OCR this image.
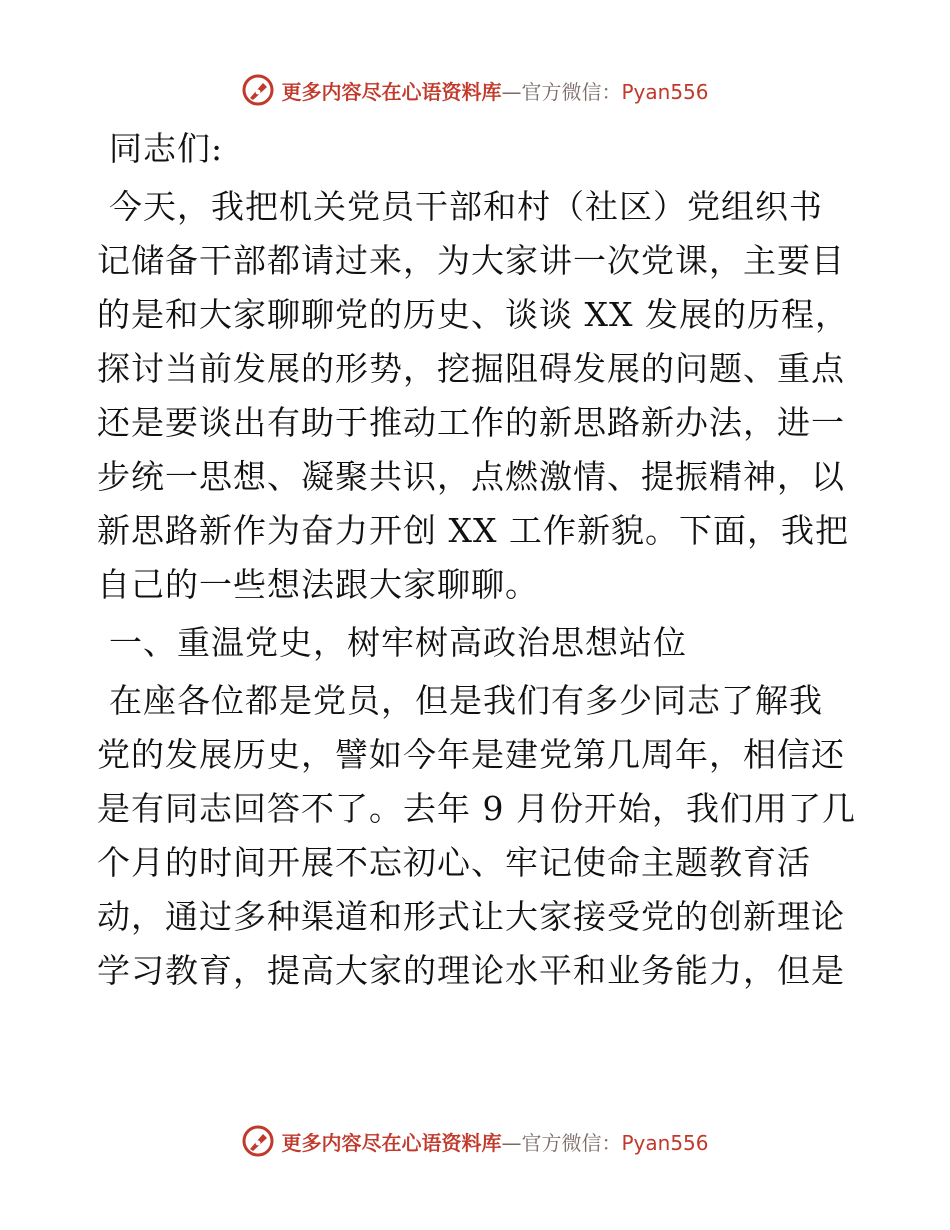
更多内容尽在心语资料库—官方微信：Pyan556
同志们:
今天，我把机关党员干部和村（社区）党组织书
记储备干部都请过来，为大家讲一次党课，主要目
的是和大家聊聊党的历史、谈谈 XX 发展的历程，
探讨当前发展的形势，挖掘阻碍发展的问题、重点
还是要谈出有助于推动工作的新思路新办法，进一
步统一思想、凝聚共识，点燃激情、提振精神，以
新思路新作为奋力开创 XX 工作新貌。下面，我把
自己的一些想法跟大家聊聊。
一、重温党史，树牢树高政治思想站位
在座各位都是党员，但是我们有多少同志了解我
党的发展历史，譬如今年是建党第几周年，相信还
是有同志回答不了。去年 9 月份开始，我们用了几
个月的时间开展不忘初心、牢记使命主题教育活
动，通过多种渠道和形式让大家接受党的创新理论
学习教育，提高大家的理论水平和业务能力，但是
更多内容尽在心语资料库—官方微信：Pyan556
